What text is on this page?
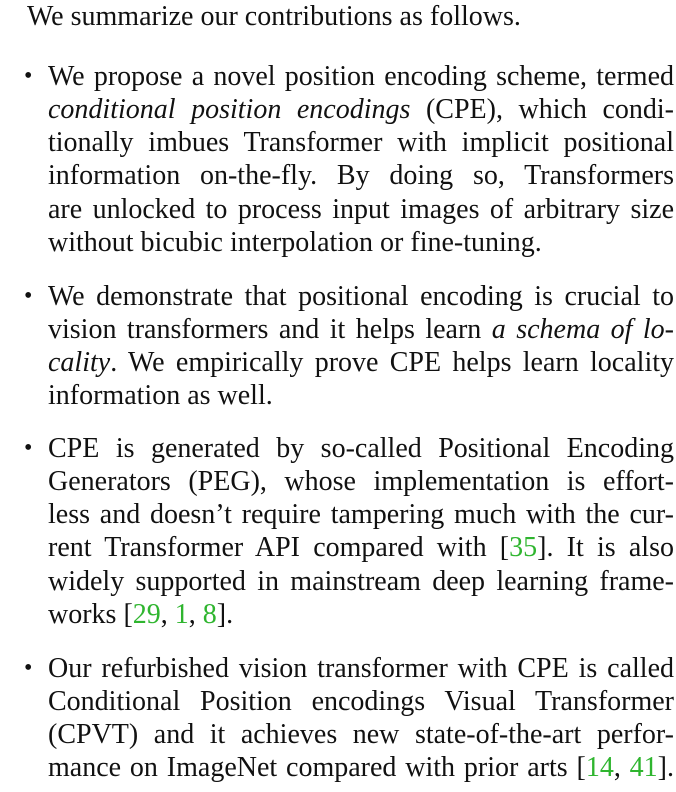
We summarize our contributions as follows.
• We propose a novel position encoding scheme, termed
conditional position encodings (CPE), which condi-
tionally imbues Transformer with implicit positional
information on-the-fly. By doing so, Transformers
are unlocked to process input images of arbitrary size
without bicubic interpolation or fine-tuning.
• We demonstrate that positional encoding is crucial to
vision transformers and it helps learn a schema of lo-
cality. We empirically prove CPE helps learn locality
information as well.
• CPE is generated by so-called Positional Encoding
Generators (PEG), whose implementation is effort-
less and doesn’t require tampering much with the cur-
rent Transformer API compared with [35]. It is also
widely supported in mainstream deep learning frame-
works [29, 1, 8].
• Our refurbished vision transformer with CPE is called
Conditional Position encodings Visual Transformer
(CPVT) and it achieves new state-of-the-art perfor-
mance on ImageNet compared with prior arts [14, 41].
